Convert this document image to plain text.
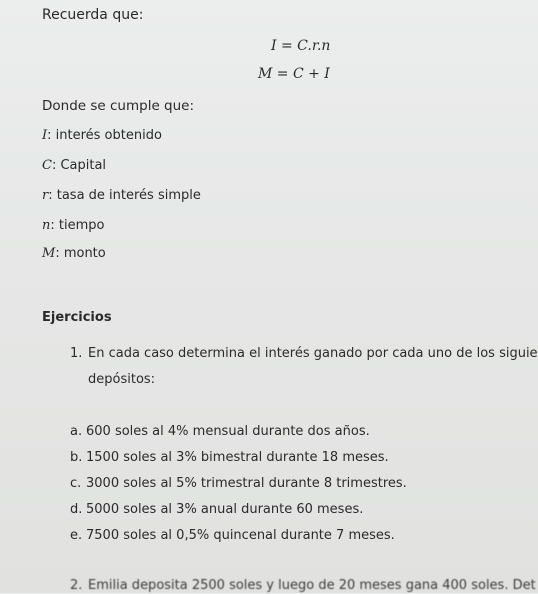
Recuerda que:
I = C.r.n
M = C + I
Donde se cumple que:
I: interés obtenido
C: Capital
r: tasa de interés simple
n: tiempo
M: monto
Ejercicios
1. En cada caso determina el interés ganado por cada uno de los siguie
depósitos:
a. 600 soles al 4% mensual durante dos años.
b. 1500 soles al 3% bimestral durante 18 meses.
c. 3000 soles al 5% trimestral durante 8 trimestres.
d. 5000 soles al 3% anual durante 60 meses.
e. 7500 soles al 0,5% quincenal durante 7 meses.
2. Emilia deposita 2500 soles y luego de 20 meses gana 400 soles. Det
